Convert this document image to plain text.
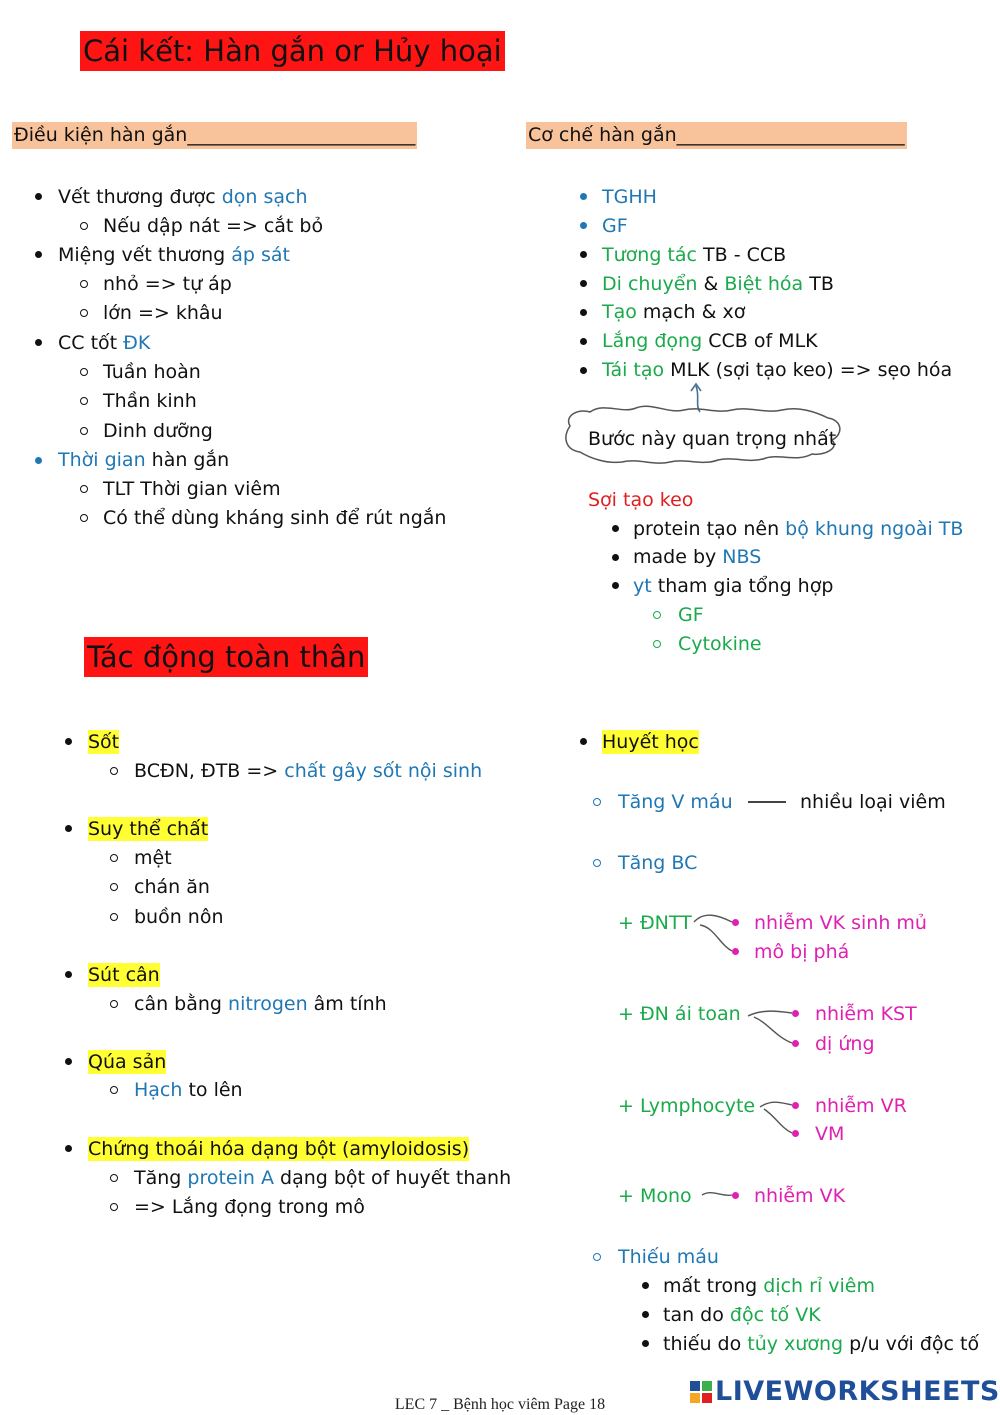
Cái kết: Hàn gắn or Hủy hoại
Điều kiện hàn gắn________________________	Cơ chế hàn gắn________________________
Vết thương được dọn sạch
Nếu dập nát => cắt bỏ
Miệng vết thương áp sát
nhỏ => tự áp
lớn => khâu
CC tốt ĐK
Tuần hoàn
Thần kinh
Dinh dưỡng
Thời gian hàn gắn
TLT Thời gian viêm
Có thể dùng kháng sinh để rút ngắn
TGHH
GF
Tương tác TB - CCB
Di chuyển & Biệt hóa TB
Tạo mạch & xơ
Lắng đọng CCB of MLK
Tái tạo MLK (sợi tạo keo) => sẹo hóa
Bước này quan trọng nhất
Sợi tạo keo
protein tạo nên bộ khung ngoài TB
made by NBS
yt tham gia tổng hợp
GF
Cytokine
Tác động toàn thân
Sốt
BCĐN, ĐTB => chất gây sốt nội sinh
Suy thể chất
mệt
chán ăn
buồn nôn
Sút cân
cân bằng nitrogen âm tính
Qúa sản
Hạch to lên
Chứng thoái hóa dạng bột (amyloidosis)
Tăng protein A dạng bột of huyết thanh
=> Lắng đọng trong mô
Huyết học
Tăng V máu	nhiều loại viêm
Tăng BC
+ ĐNTT	nhiễm VK sinh mủ
mô bị phá
+ ĐN ái toan	nhiễm KST
dị ứng
+ Lymphocyte	nhiễm VR
VM
+ Mono	nhiễm VK
Thiếu máu
mất trong dịch rỉ viêm
tan do độc tố VK
thiếu do tủy xương p/u với độc tố
LEC 7 _ Bệnh học viêm Page 18	LIVEWORKSHEETS
